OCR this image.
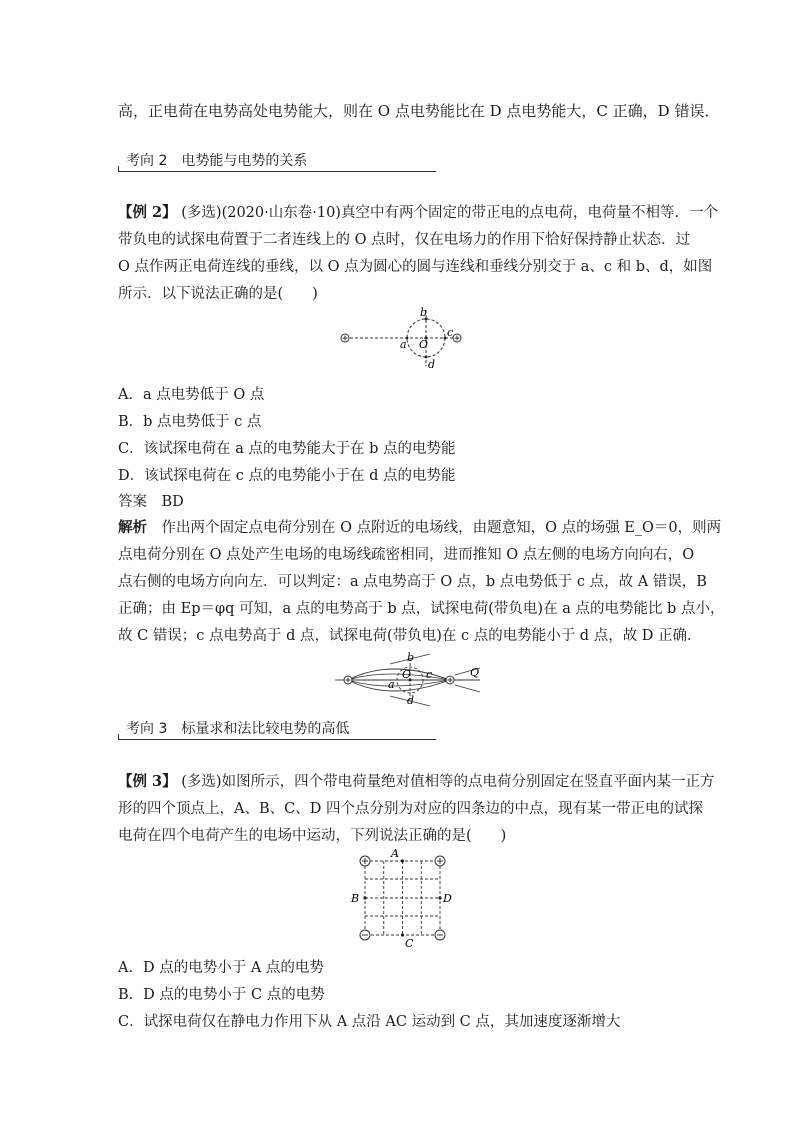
高，正电荷在电势高处电势能大，则在 O 点电势能比在 D 点电势能大，C 正确，D 错误．
考向 2　电势能与电势的关系
【例 2】 (多选)(2020·山东卷·10)真空中有两个固定的带正电的点电荷，电荷量不相等．一个
带负电的试探电荷置于二者连线上的 O 点时，仅在电场力的作用下恰好保持静止状态．过
O 点作两正电荷连线的垂线，以 O 点为圆心的圆与连线和垂线分别交于 a、c 和 b、d，如图
所示．以下说法正确的是(　　)
b
c
a O
d
A．a 点电势低于 O 点
B．b 点电势低于 c 点
C．该试探电荷在 a 点的电势能大于在 b 点的电势能
D．该试探电荷在 c 点的电势能小于在 d 点的电势能
答案　 BD
解析　 作出两个固定点电荷分别在 O 点附近的电场线，由题意知，O 点的场强 E_O＝0，则两
点电荷分别在 O 点处产生电场的电场线疏密相同，进而推知 O 点左侧的电场方向向右，O
点右侧的电场方向向左．可以判定：a 点电势高于 O 点，b 点电势低于 c 点，故 A 错误，B
正确；由 Ep＝φq 可知，a 点的电势高于 b 点，试探电荷(带负电)在 a 点的电势能比 b 点小，
故 C 错误；c 点电势高于 d 点，试探电荷(带负电)在 c 点的电势能小于 d 点，故 D 正确．
b
c
a
O
d
Q
考向 3　标量求和法比较电势的高低
【例 3】 (多选)如图所示，四个带电荷量绝对值相等的点电荷分别固定在竖直平面内某一正方
形的四个顶点上，A、B、C、D 四个点分别为对应的四条边的中点，现有某一带正电的试探
电荷在四个电荷产生的电场中运动，下列说法正确的是(　　)
A
B	D
C
A．D 点的电势小于 A 点的电势
B．D 点的电势小于 C 点的电势
C．试探电荷仅在静电力作用下从 A 点沿 AC 运动到 C 点，其加速度逐渐增大
